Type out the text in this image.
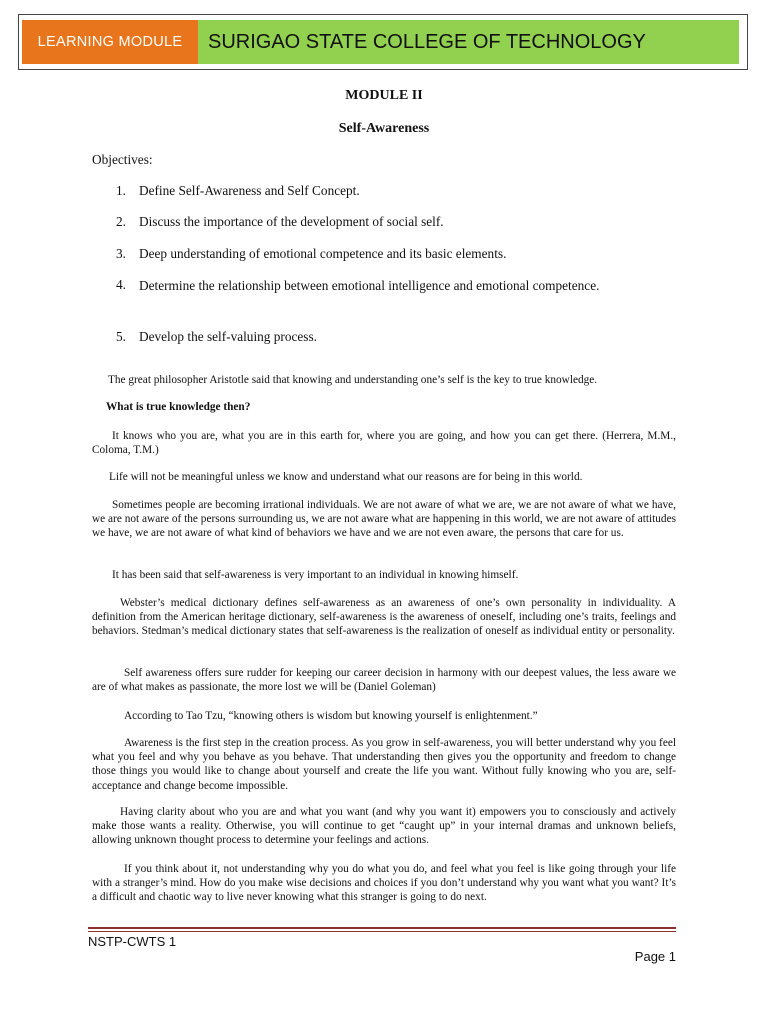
LEARNING MODULE	SURIGAO STATE COLLEGE OF TECHNOLOGY
MODULE II
Self-Awareness
Objectives:
1. Define Self-Awareness and Self Concept.
2. Discuss the importance of the development of social self.
3. Deep understanding of emotional competence and its basic elements.
4. Determine the relationship between emotional intelligence and emotional competence.
5. Develop the self-valuing process.
The great philosopher Aristotle said that knowing and understanding one’s self is the key to true knowledge.
What is true knowledge then?
It knows who you are, what you are in this earth for, where you are going, and how you can get there. (Herrera, M.M., Coloma, T.M.)
Life will not be meaningful unless we know and understand what our reasons are for being in this world.
Sometimes people are becoming irrational individuals. We are not aware of what we are, we are not aware of what we have, we are not aware of the persons surrounding us, we are not aware what are happening in this world, we are not aware of attitudes we have, we are not aware of what kind of behaviors we have and we are not even aware, the persons that care for us.
It has been said that self-awareness is very important to an individual in knowing himself.
Webster’s medical dictionary defines self-awareness as an awareness of one’s own personality in individuality. A definition from the American heritage dictionary, self-awareness is the awareness of oneself, including one’s traits, feelings and behaviors. Stedman’s medical dictionary states that self-awareness is the realization of oneself as individual entity or personality.
Self awareness offers sure rudder for keeping our career decision in harmony with our deepest values, the less aware we are of what makes as passionate, the more lost we will be (Daniel Goleman)
According to Tao Tzu, “knowing others is wisdom but knowing yourself is enlightenment.”
Awareness is the first step in the creation process. As you grow in self-awareness, you will better understand why you feel what you feel and why you behave as you behave. That understanding then gives you the opportunity and freedom to change those things you would like to change about yourself and create the life you want. Without fully knowing who you are, self-acceptance and change become impossible.
Having clarity about who you are and what you want (and why you want it) empowers you to consciously and actively make those wants a reality. Otherwise, you will continue to get “caught up” in your internal dramas and unknown beliefs, allowing unknown thought process to determine your feelings and actions.
If you think about it, not understanding why you do what you do, and feel what you feel is like going through your life with a stranger’s mind. How do you make wise decisions and choices if you don’t understand why you want what you want? It’s a difficult and chaotic way to live never knowing what this stranger is going to do next.
NSTP-CWTS 1
Page 1
